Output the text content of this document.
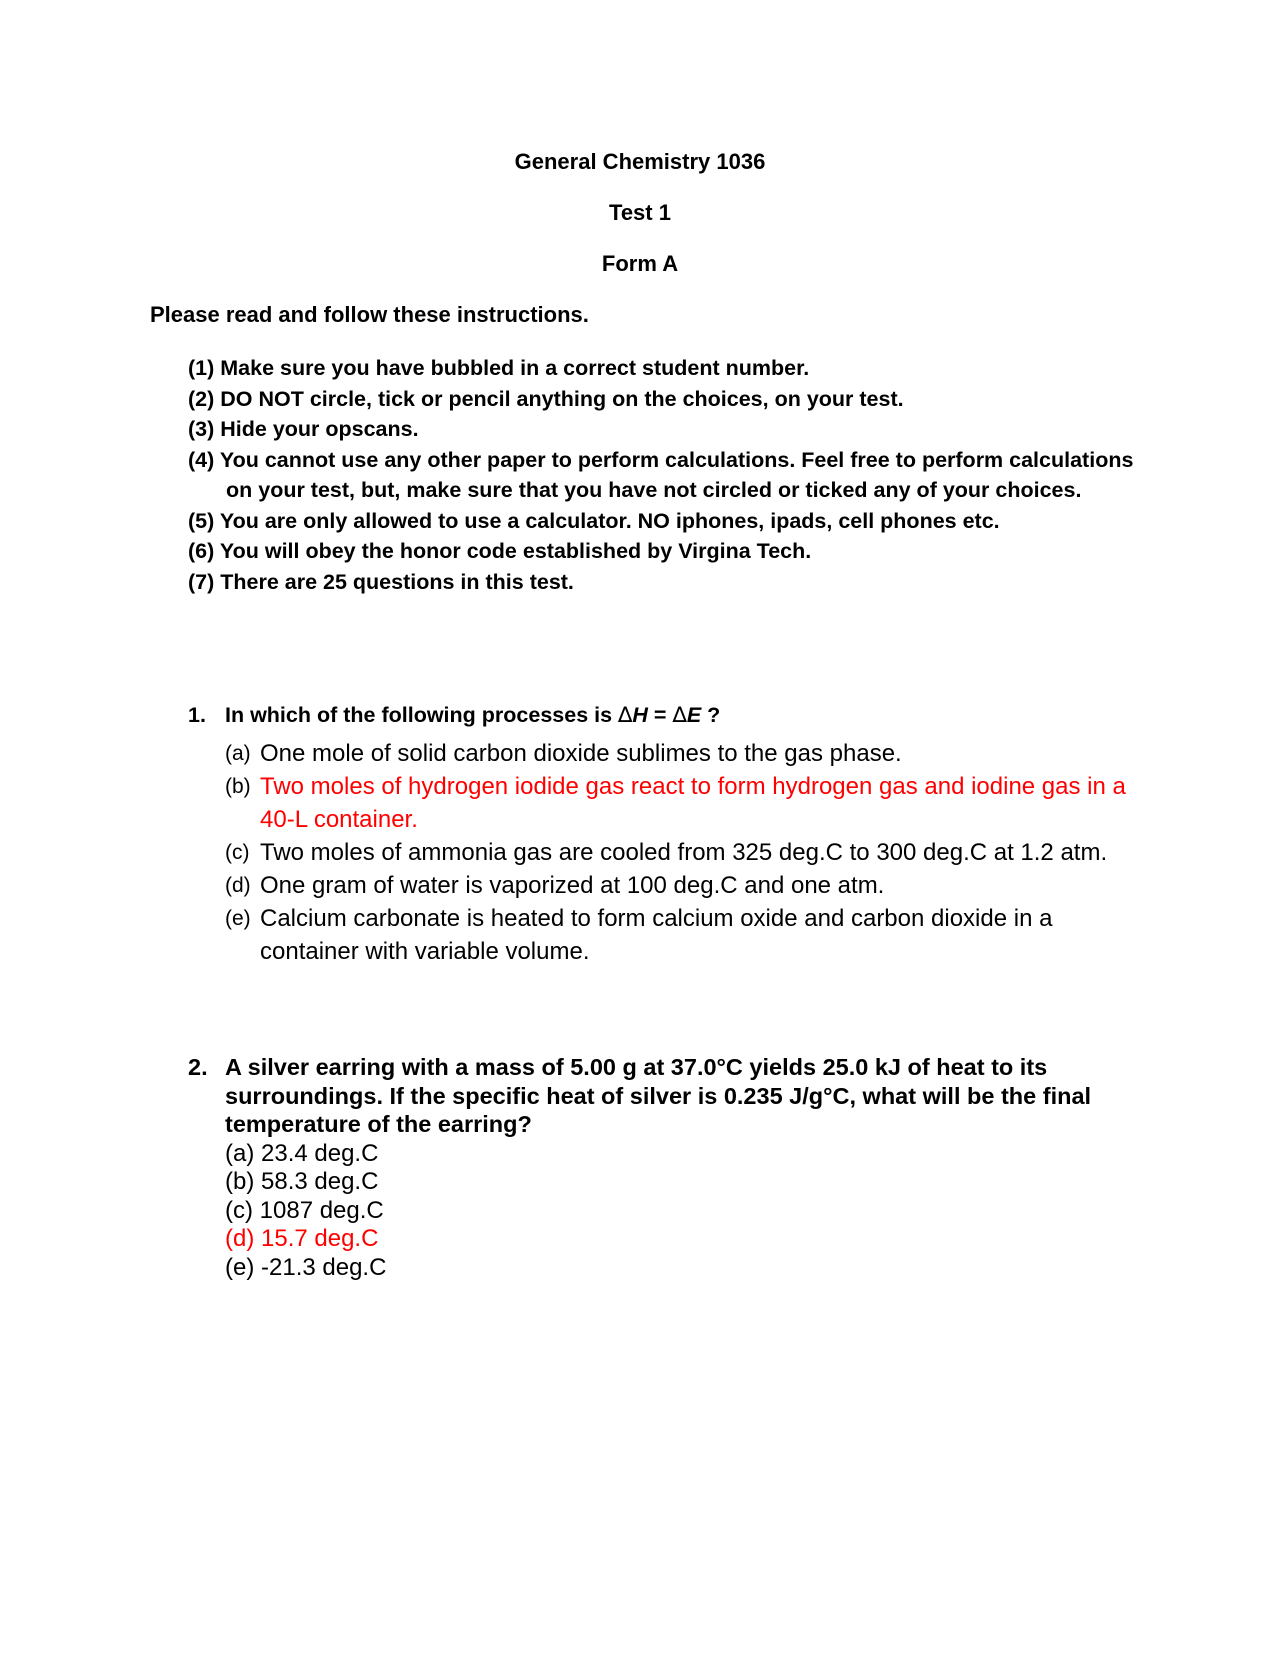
General Chemistry 1036
Test 1
Form A
Please read and follow these instructions.
(1) Make sure you have bubbled in a correct student number.
(2) DO NOT circle, tick or pencil anything on the choices, on your test.
(3) Hide your opscans.
(4) You cannot use any other paper to perform calculations. Feel free to perform calculations on your test, but, make sure that you have not circled or ticked any of your choices.
(5) You are only allowed to use a calculator. NO iphones, ipads, cell phones etc.
(6) You will obey the honor code established by Virgina Tech.
(7) There are 25 questions in this test.
1. In which of the following processes is ∆H = ∆E ?
(a) One mole of solid carbon dioxide sublimes to the gas phase.
(b) Two moles of hydrogen iodide gas react to form hydrogen gas and iodine gas in a 40-L container.
(c) Two moles of ammonia gas are cooled from 325 deg.C to 300 deg.C at 1.2 atm.
(d) One gram of water is vaporized at 100 deg.C and one atm.
(e) Calcium carbonate is heated to form calcium oxide and carbon dioxide in a container with variable volume.
2. A silver earring with a mass of 5.00 g at 37.0°C yields 25.0 kJ of heat to its surroundings. If the specific heat of silver is 0.235 J/g°C, what will be the final temperature of the earring?
(a) 23.4 deg.C
(b) 58.3 deg.C
(c) 1087 deg.C
(d) 15.7 deg.C
(e) -21.3 deg.C
